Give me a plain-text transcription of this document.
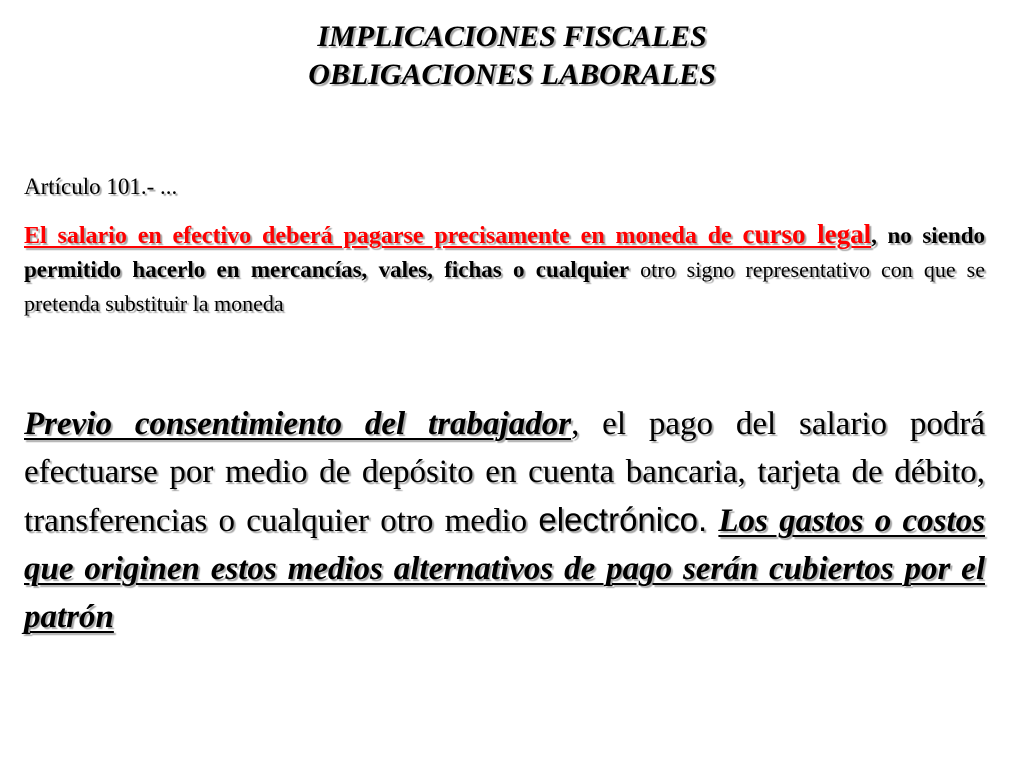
IMPLICACIONES FISCALES
OBLIGACIONES LABORALES

Artículo 101.- ...

El salario en efectivo deberá pagarse precisamente en moneda de curso legal, no siendo permitido hacerlo en mercancías, vales, fichas o cualquier otro signo representativo con que se pretenda substituir la moneda

Previo consentimiento del trabajador, el pago del salario podrá efectuarse por medio de depósito en cuenta bancaria, tarjeta de débito, transferencias o cualquier otro medio electrónico. Los gastos o costos que originen estos medios alternativos de pago serán cubiertos por el patrón
